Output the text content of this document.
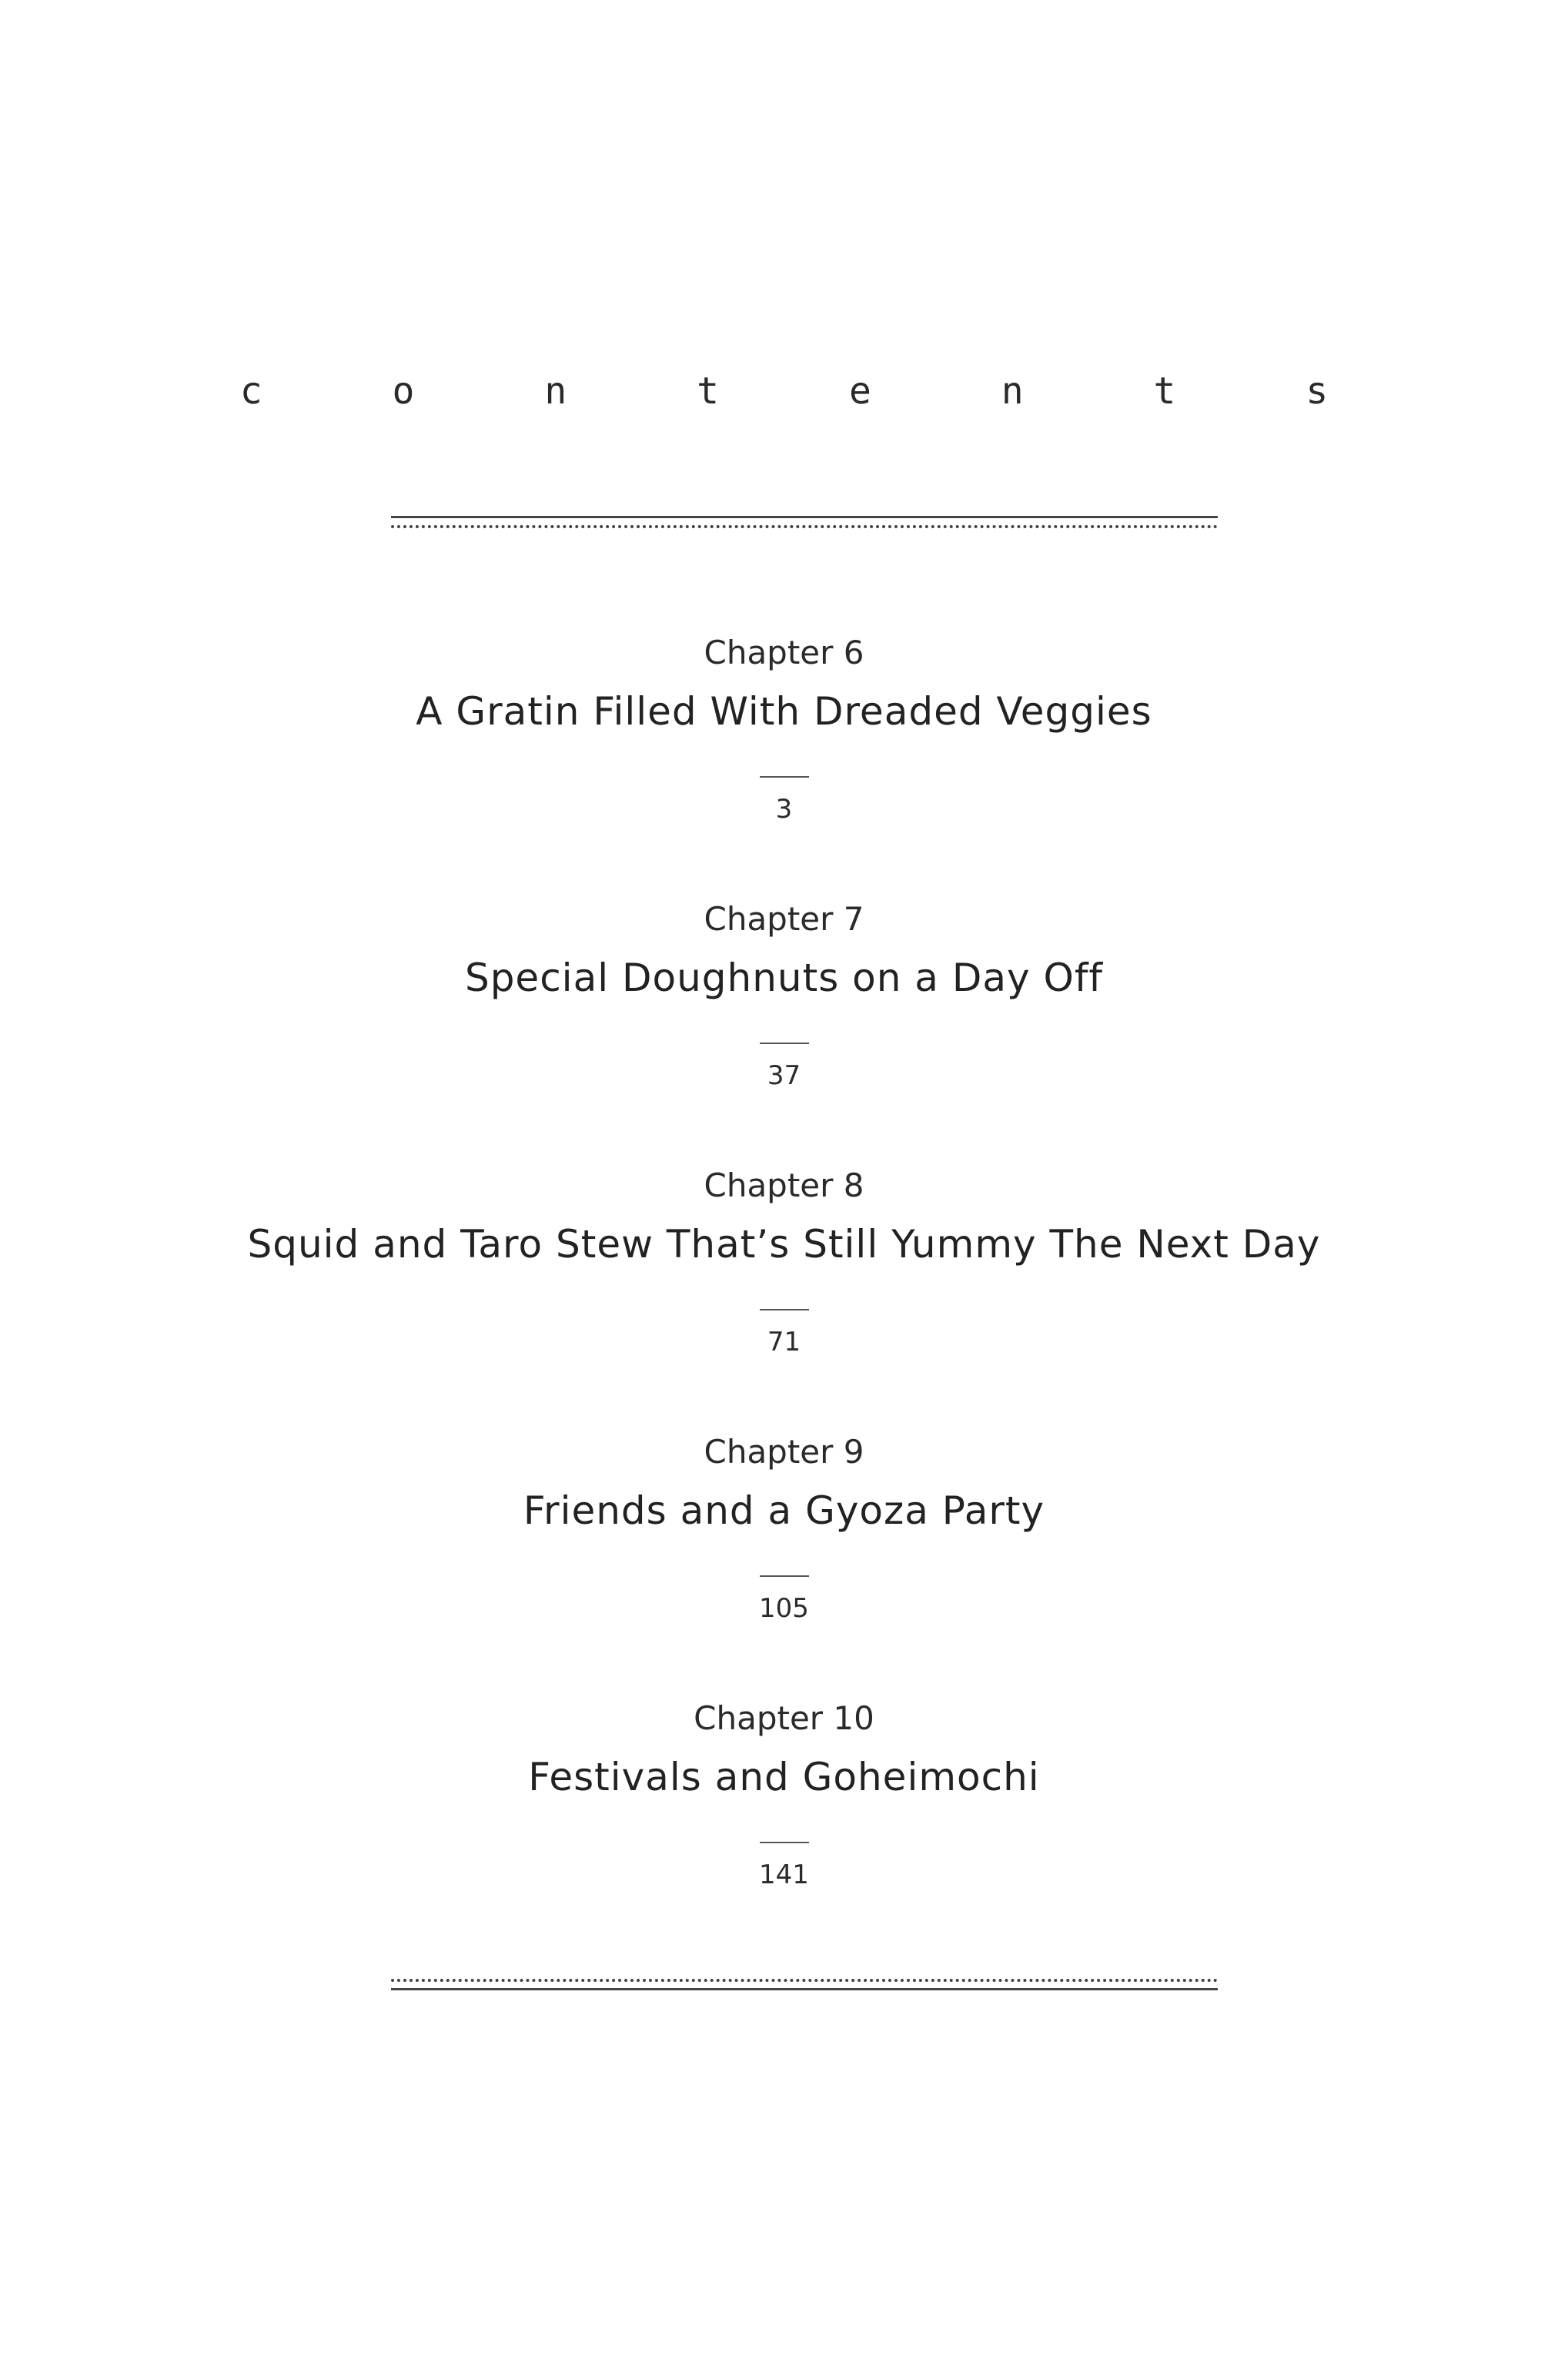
c o n t e n t s
Chapter 6
A Gratin Filled With Dreaded Veggies
3
Chapter 7
Special Doughnuts on a Day Off
37
Chapter 8
Squid and Taro Stew That’s Still Yummy The Next Day
71
Chapter 9
Friends and a Gyoza Party
105
Chapter 10
Festivals and Goheimochi
141
